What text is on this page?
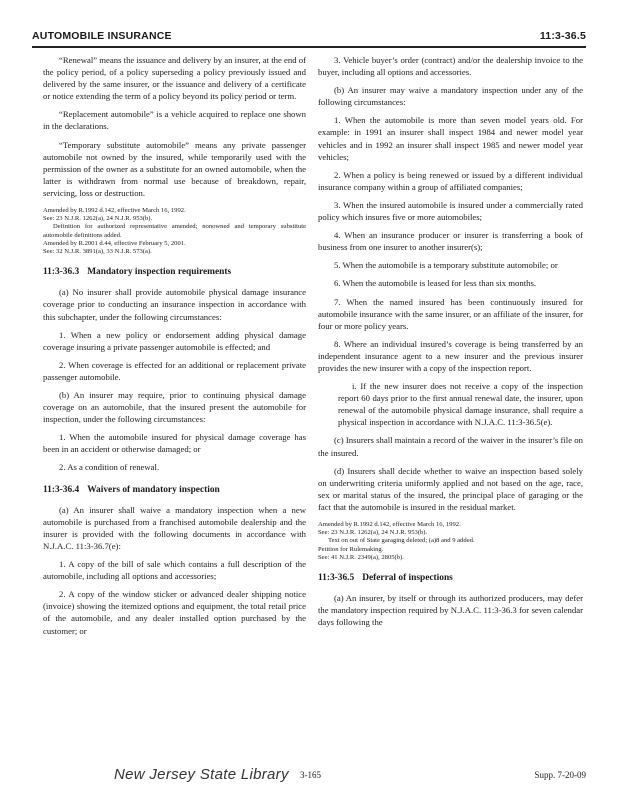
AUTOMOBILE INSURANCE	11:3-36.5

“Renewal” means the issuance and delivery by an insurer, at the end of the policy period, of a policy superseding a policy previously issued and delivered by the same insurer, or the issuance and delivery of a certificate or notice extending the term of a policy beyond its policy period or term.

“Replacement automobile” is a vehicle acquired to replace one shown in the declarations.

“Temporary substitute automobile” means any private passenger automobile not owned by the insured, while temporarily used with the permission of the owner as a substitute for an owned automobile, when the latter is withdrawn from normal use because of breakdown, repair, servicing, loss or destruction.

Amended by R.1992 d.142, effective March 16, 1992.

See: 23 N.J.R. 1262(a), 24 N.J.R. 953(b).

Definition for authorized representative amended; nonowned and temporary substitute automobile definitions added.

Amended by R.2001 d.44, effective February 5, 2001.

See: 32 N.J.R. 3891(a), 33 N.J.R. 573(a).

11:3-36.3 Mandatory inspection requirements

(a) No insurer shall provide automobile physical damage insurance coverage prior to conducting an insurance inspection in accordance with this subchapter, under the following circumstances:

1. When a new policy or endorsement adding physical damage coverage insuring a private passenger automobile is effected; and

2. When coverage is effected for an additional or replacement private passenger automobile.

(b) An insurer may require, prior to continuing physical damage coverage on an automobile, that the insured present the automobile for inspection, under the following circumstances:

1. When the automobile insured for physical damage coverage has been in an accident or otherwise damaged; or

2. As a condition of renewal.

11:3-36.4 Waivers of mandatory inspection

(a) An insurer shall waive a mandatory inspection when a new automobile is purchased from a franchised automobile dealership and the insurer is provided with the following documents in accordance with N.J.A.C. 11:3-36.7(e):

1. A copy of the bill of sale which contains a full description of the automobile, including all options and accessories;

2. A copy of the window sticker or advanced dealer shipping notice (invoice) showing the itemized options and equipment, the total retail price of the automobile, and any dealer installed option purchased by the customer; or

3. Vehicle buyer’s order (contract) and/or the dealership invoice to the buyer, including all options and accessories.

(b) An insurer may waive a mandatory inspection under any of the following circumstances:

1. When the automobile is more than seven model years old. For example: in 1991 an insurer shall inspect 1984 and newer model year vehicles and in 1992 an insurer shall inspect 1985 and newer model year vehicles;

2. When a policy is being renewed or issued by a different individual insurance company within a group of affiliated companies;

3. When the insured automobile is insured under a commercially rated policy which insures five or more automobiles;

4. When an insurance producer or insurer is transferring a book of business from one insurer to another insurer(s);

5. When the automobile is a temporary substitute automobile; or

6. When the automobile is leased for less than six months.

7. When the named insured has been continuously insured for automobile insurance with the same insurer, or an affiliate of the insurer, for four or more policy years.

8. Where an individual insured’s coverage is being transferred by an independent insurance agent to a new insurer and the previous insurer provides the new insurer with a copy of the inspection report.

i. If the new insurer does not receive a copy of the inspection report 60 days prior to the first annual renewal date, the insurer, upon renewal of the automobile physical damage insurance, shall require a physical inspection in accordance with N.J.A.C. 11:3-36.5(e).

(c) Insurers shall maintain a record of the waiver in the insurer’s file on the insured.

(d) Insurers shall decide whether to waive an inspection based solely on underwriting criteria uniformly applied and not based on the age, race, sex or marital status of the insured, the principal place of garaging or the fact that the automobile is insured in the residual market.

Amended by R.1992 d.142, effective March 16, 1992.

See: 23 N.J.R. 1262(a), 24 N.J.R. 953(b).

Text on out of State garaging deleted; (a)8 and 9 added.

Petition for Rulemaking.

See: 41 N.J.R. 2349(a), 2805(b).

11:3-36.5 Deferral of inspections

(a) An insurer, by itself or through its authorized producers, may defer the mandatory inspection required by N.J.A.C. 11:3-36.3 for seven calendar days following the

New Jersey State Library 3-165	Supp. 7-20-09
